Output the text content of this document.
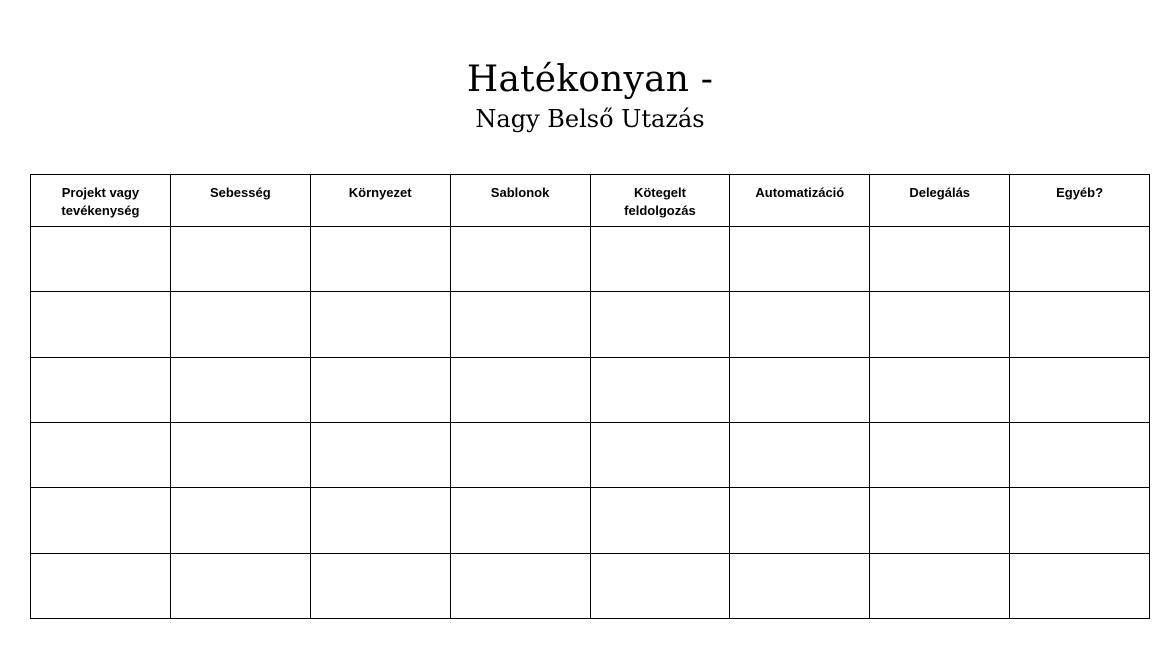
Hatékonyan -
Nagy Belső Utazás
Projekt vagy tevékenység	Sebesség	Környezet	Sablonok	Kötegelt feldolgozás	Automatizáció	Delegálás	Egyéb?
